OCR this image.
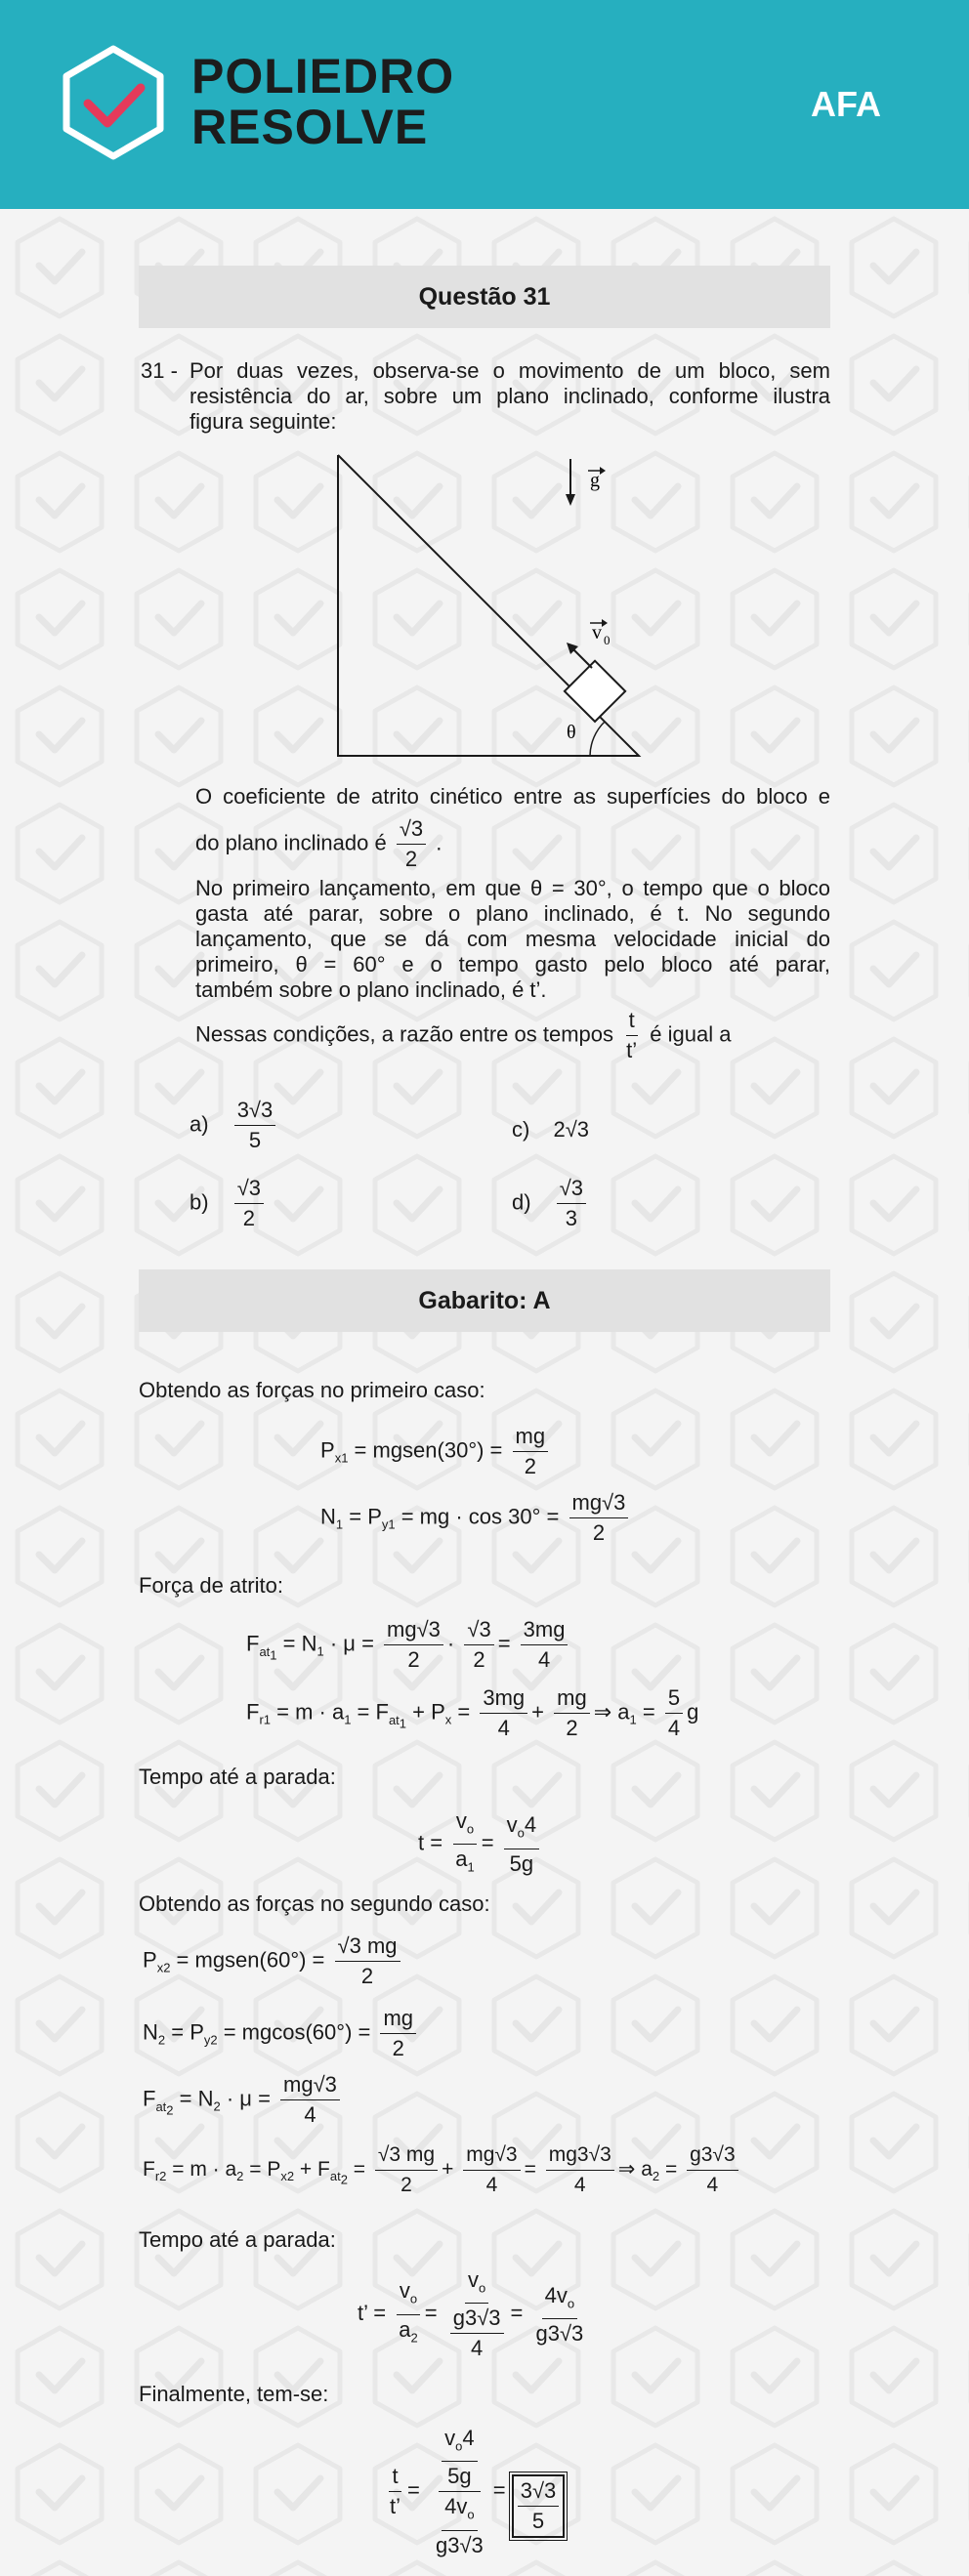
POLIEDRO
RESOLVE	AFA
Questão 31
31 - Por duas vezes, observa-se o movimento de um bloco, sem
resistência do ar, sobre um plano inclinado, conforme ilustra
figura seguinte:
g
v 0
θ
O coeficiente de atrito cinético entre as superfícies do bloco e
do plano inclinado é $\frac{√3}{2}$ .
No primeiro lançamento, em que θ = 30°, o tempo que o bloco
gasta até parar, sobre o plano inclinado, é t. No segundo
lançamento, que se dá com mesma velocidade inicial do
primeiro, θ = 60° e o tempo gasto pelo bloco até parar,
também sobre o plano inclinado, é t’.
Nessas condições, a razão entre os tempos $\frac{t}{t’}$ é igual a
$a) \frac{3√3}{5}$	c) 2√3
$b) \frac{√3}{2}$	$d) \frac{√3}{3}$
Gabarito: A
Obtendo as forças no primeiro caso:
$P_{x1}$ = mgsen(30°) = $\frac{mg}{2}$
$N_1 = P_{y1}$ = mg · $\cos 30^\circ = \frac{mg√3}{2}$
Força de atrito:
$F_{at_1} = N_1 \cdot \mu = \frac{mg√3}{2} \cdot \frac{√3}{2} = \frac{3mg}{4}$
$F_{r1} = m \cdot a_1 = F_{at_1} + P_x = \frac{3mg}{4} + \frac{mg}{2}$ ⇒ $a_1 = \frac{5}{4}$ g
Tempo até a parada:
$t = \frac{v_o}{a_1} = \frac{v_o4}{5g}$
Obtendo as forças no segundo caso:
$P_{x2}$ = mgsen(60°) = $\frac{√3 mg}{2}$
$N_2 = P_{y2} = mgcos(60^\circ) = \frac{mg}{2}$
$F_{at_2} = N_2 \cdot \mu = \frac{mg√3}{4}$
$F_{r2} = m \cdot a_2 = P_{x2} + F_{at_2} = \frac{√3 mg}{2} + \frac{mg√3}{4} = \frac{mg3√3}{4}$ ⇒ $a_2 = \frac{g3√3}{4}$
Tempo até a parada:
t’ = $\frac{v_o}{a_2} = \frac{v_o}{\frac{g3√3}{4}} = \frac{4v_o}{g3√3}$
Finalmente, tem-se:
$\frac{t}{t’} = \frac{\frac{v_o4}{5g}}{\frac{4v_o}{g3√3}} = \frac{3√3}{5}$
